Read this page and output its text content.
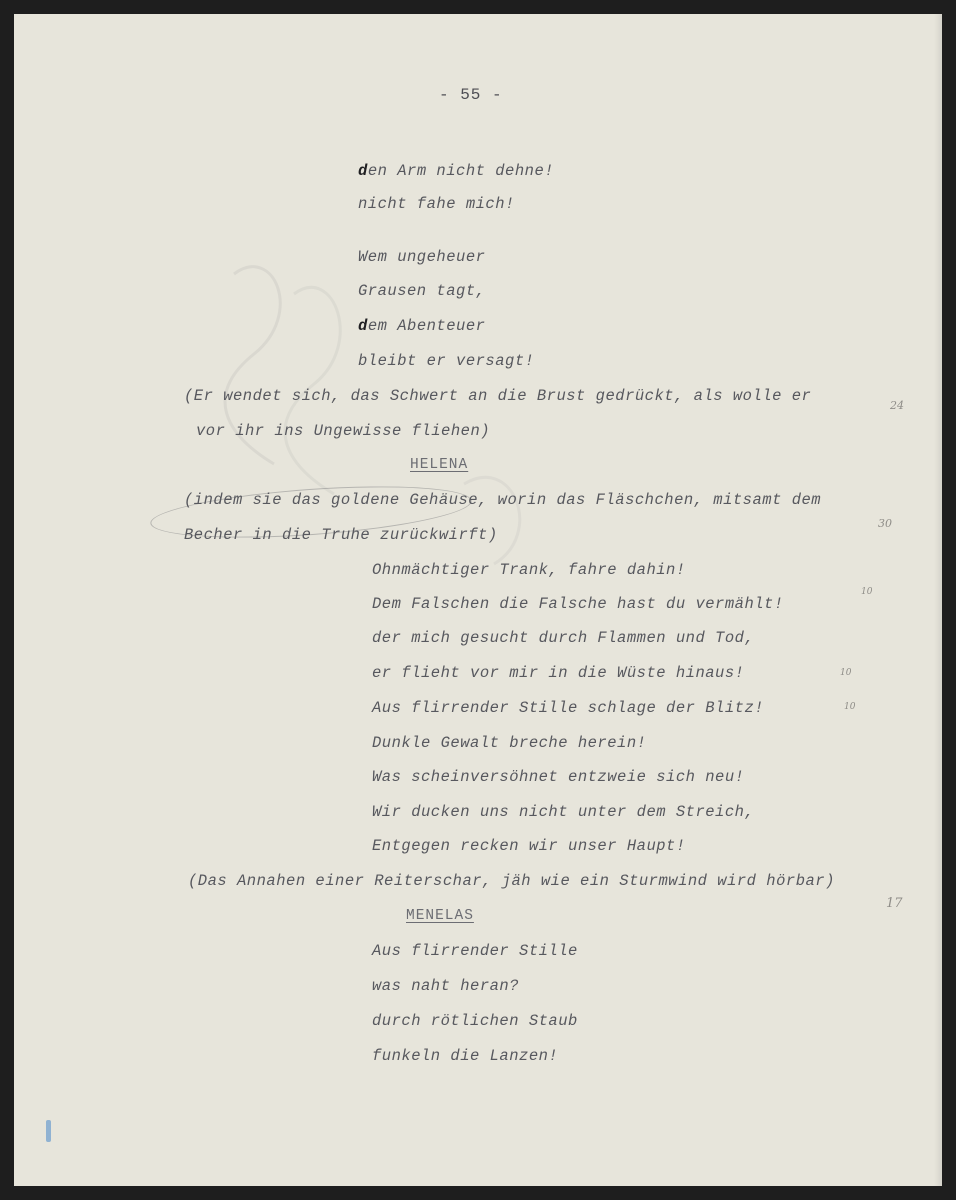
- 55 -
den Arm nicht dehne!
nicht fahe mich!
Wem ungeheuer
Grausen tagt,
dem Abenteuer
bleibt er versagt!
(Er wendet sich, das Schwert an die Brust gedrückt, als wolle er
vor ihr ins Ungewisse fliehen)
24
HELENA
(indem sie das goldene Gehäuse, worin das Fläschchen, mitsamt dem
Becher in die Truhe zurückwirft)
30
Ohnmächtiger Trank, fahre dahin!
Dem Falschen die Falsche hast du vermählt!
10
der mich gesucht durch Flammen und Tod,
er flieht vor mir in die Wüste hinaus!	10
Aus flirrender Stille schlage der Blitz!	10
Dunkle Gewalt breche herein!
Was scheinversöhnet entzweie sich neu!
Wir ducken uns nicht unter dem Streich,
Entgegen recken wir unser Haupt!
(Das Annahen einer Reiterschar, jäh wie ein Sturmwind wird hörbar)
17
MENELAS
Aus flirrender Stille
was naht heran?
durch rötlichen Staub
funkeln die Lanzen!
